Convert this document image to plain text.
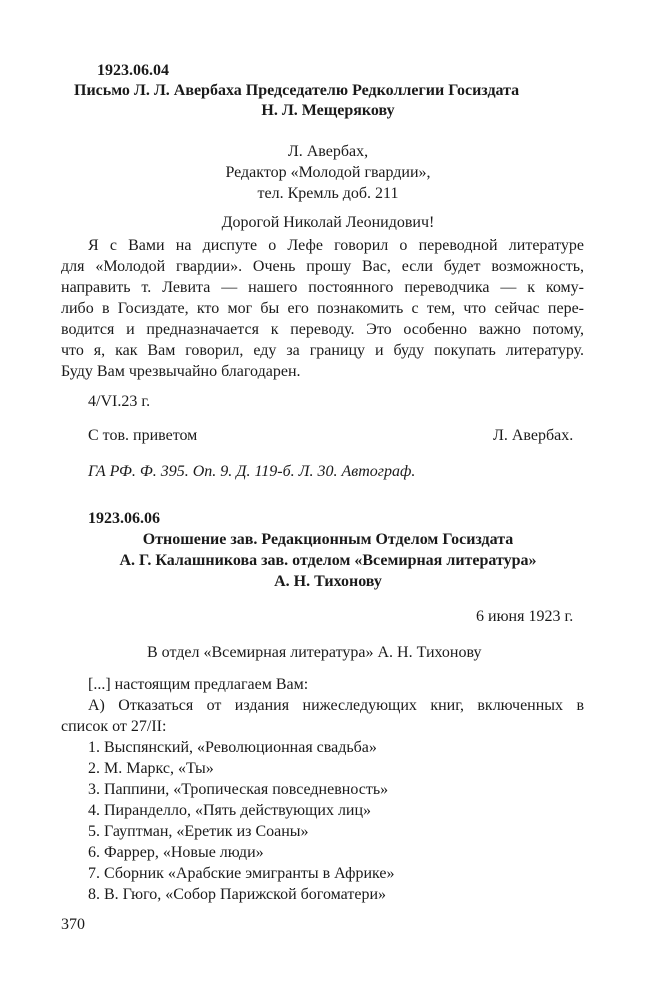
1923.06.04
Письмо Л. Л. Авербаха Председателю Редколлегии Госиздата
Н. Л. Мещерякову
Л. Авербах,
Редактор «Молодой гвардии»,
тел. Кремль доб. 211
Дорогой Николай Леонидович!
Я с Вами на диспуте о Лефе говорил о переводной литературе
для «Молодой гвардии». Очень прошу Вас, если будет возможность,
направить т. Левита — нашего постоянного переводчика — к кому-
либо в Госиздате, кто мог бы его познакомить с тем, что сейчас пере-
водится и предназначается к переводу. Это особенно важно потому,
что я, как Вам говорил, еду за границу и буду покупать литературу.
Буду Вам чрезвычайно благодарен.
4/VI.23 г.
С тов. приветом	Л. Авербах.
ГА РФ. Ф. 395. Оп. 9. Д. 119-б. Л. 30. Автограф.
1923.06.06
Отношение зав. Редакционным Отделом Госиздата
А. Г. Калашникова зав. отделом «Всемирная литература»
А. Н. Тихонову
6 июня 1923 г.
В отдел «Всемирная литература» А. Н. Тихонову
[...] настоящим предлагаем Вам:
А) Отказаться от издания нижеследующих книг, включенных в
список от 27/II:
1. Выспянский, «Революционная свадьба»
2. М. Маркс, «Ты»
3. Паппини, «Тропическая повседневность»
4. Пиранделло, «Пять действующих лиц»
5. Гауптман, «Еретик из Соаны»
6. Фаррер, «Новые люди»
7. Сборник «Арабские эмигранты в Африке»
8. В. Гюго, «Собор Парижской богоматери»
370
